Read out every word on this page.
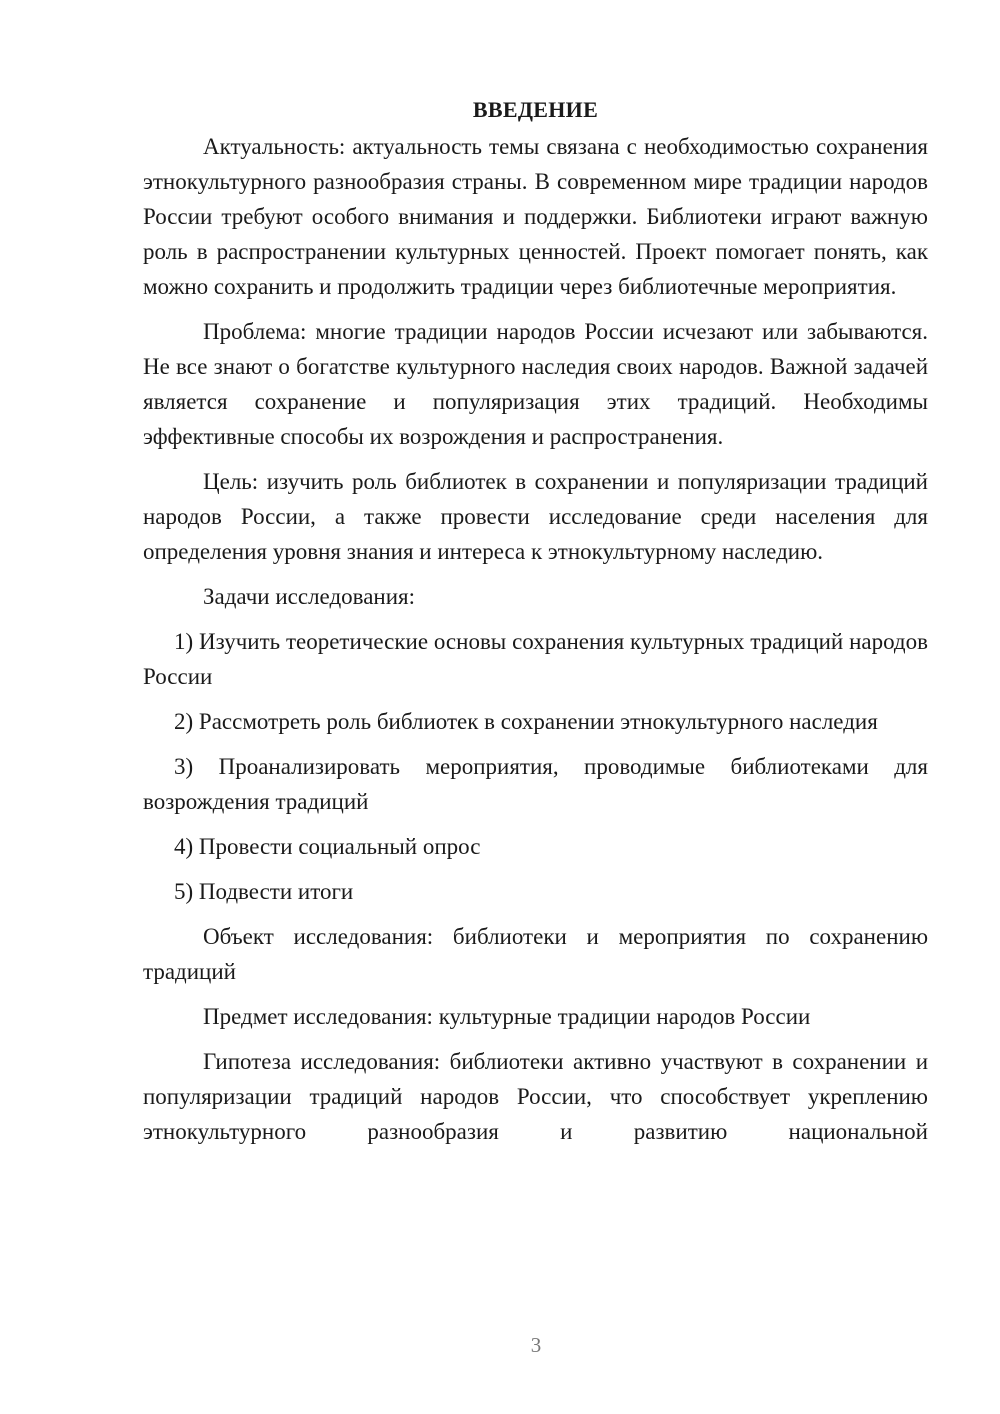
ВВЕДЕНИЕ

Актуальность: актуальность темы связана с необходимостью сохранения этнокультурного разнообразия страны. В современном мире традиции народов России требуют особого внимания и поддержки. Библиотеки играют важную роль в распространении культурных ценностей. Проект помогает понять, как можно сохранить и продолжить традиции через библиотечные мероприятия.

Проблема: многие традиции народов России исчезают или забываются. Не все знают о богатстве культурного наследия своих народов. Важной задачей является сохранение и популяризация этих традиций. Необходимы эффективные способы их возрождения и распространения.

Цель: изучить роль библиотек в сохранении и популяризации традиций народов России, а также провести исследование среди населения для определения уровня знания и интереса к этнокультурному наследию.

Задачи исследования:

1) Изучить теоретические основы сохранения культурных традиций народов России

2) Рассмотреть роль библиотек в сохранении этнокультурного наследия

3) Проанализировать мероприятия, проводимые библиотеками для возрождения традиций

4) Провести социальный опрос

5) Подвести итоги

Объект исследования: библиотеки и мероприятия по сохранению традиций

Предмет исследования: культурные традиции народов России

Гипотеза исследования: библиотеки активно участвуют в сохранении и популяризации традиций народов России, что способствует укреплению этнокультурного разнообразия и развитию национальной

3
